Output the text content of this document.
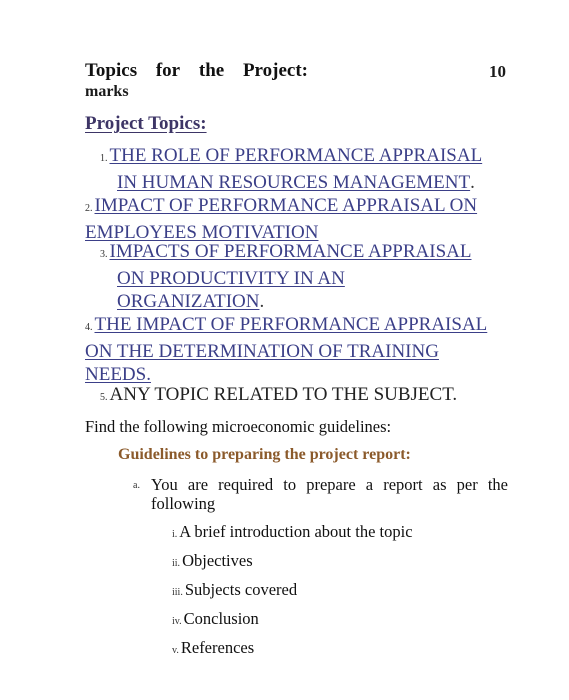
Topics for the Project:	10
marks
Project Topics:
1. THE ROLE OF PERFORMANCE APPRAISAL
IN HUMAN RESOURCES MANAGEMENT.
2. IMPACT OF PERFORMANCE APPRAISAL ON
EMPLOYEES MOTIVATION
3. IMPACTS OF PERFORMANCE APPRAISAL
ON PRODUCTIVITY IN AN
ORGANIZATION.
4. THE IMPACT OF PERFORMANCE APPRAISAL
ON THE DETERMINATION OF TRAINING
NEEDS.
5. ANY TOPIC RELATED TO THE SUBJECT.
Find the following microeconomic guidelines:
Guidelines to preparing the project report:
a. You are required to prepare a report as per the
following
i. A brief introduction about the topic
ii. Objectives
iii. Subjects covered
iv. Conclusion
v. References
